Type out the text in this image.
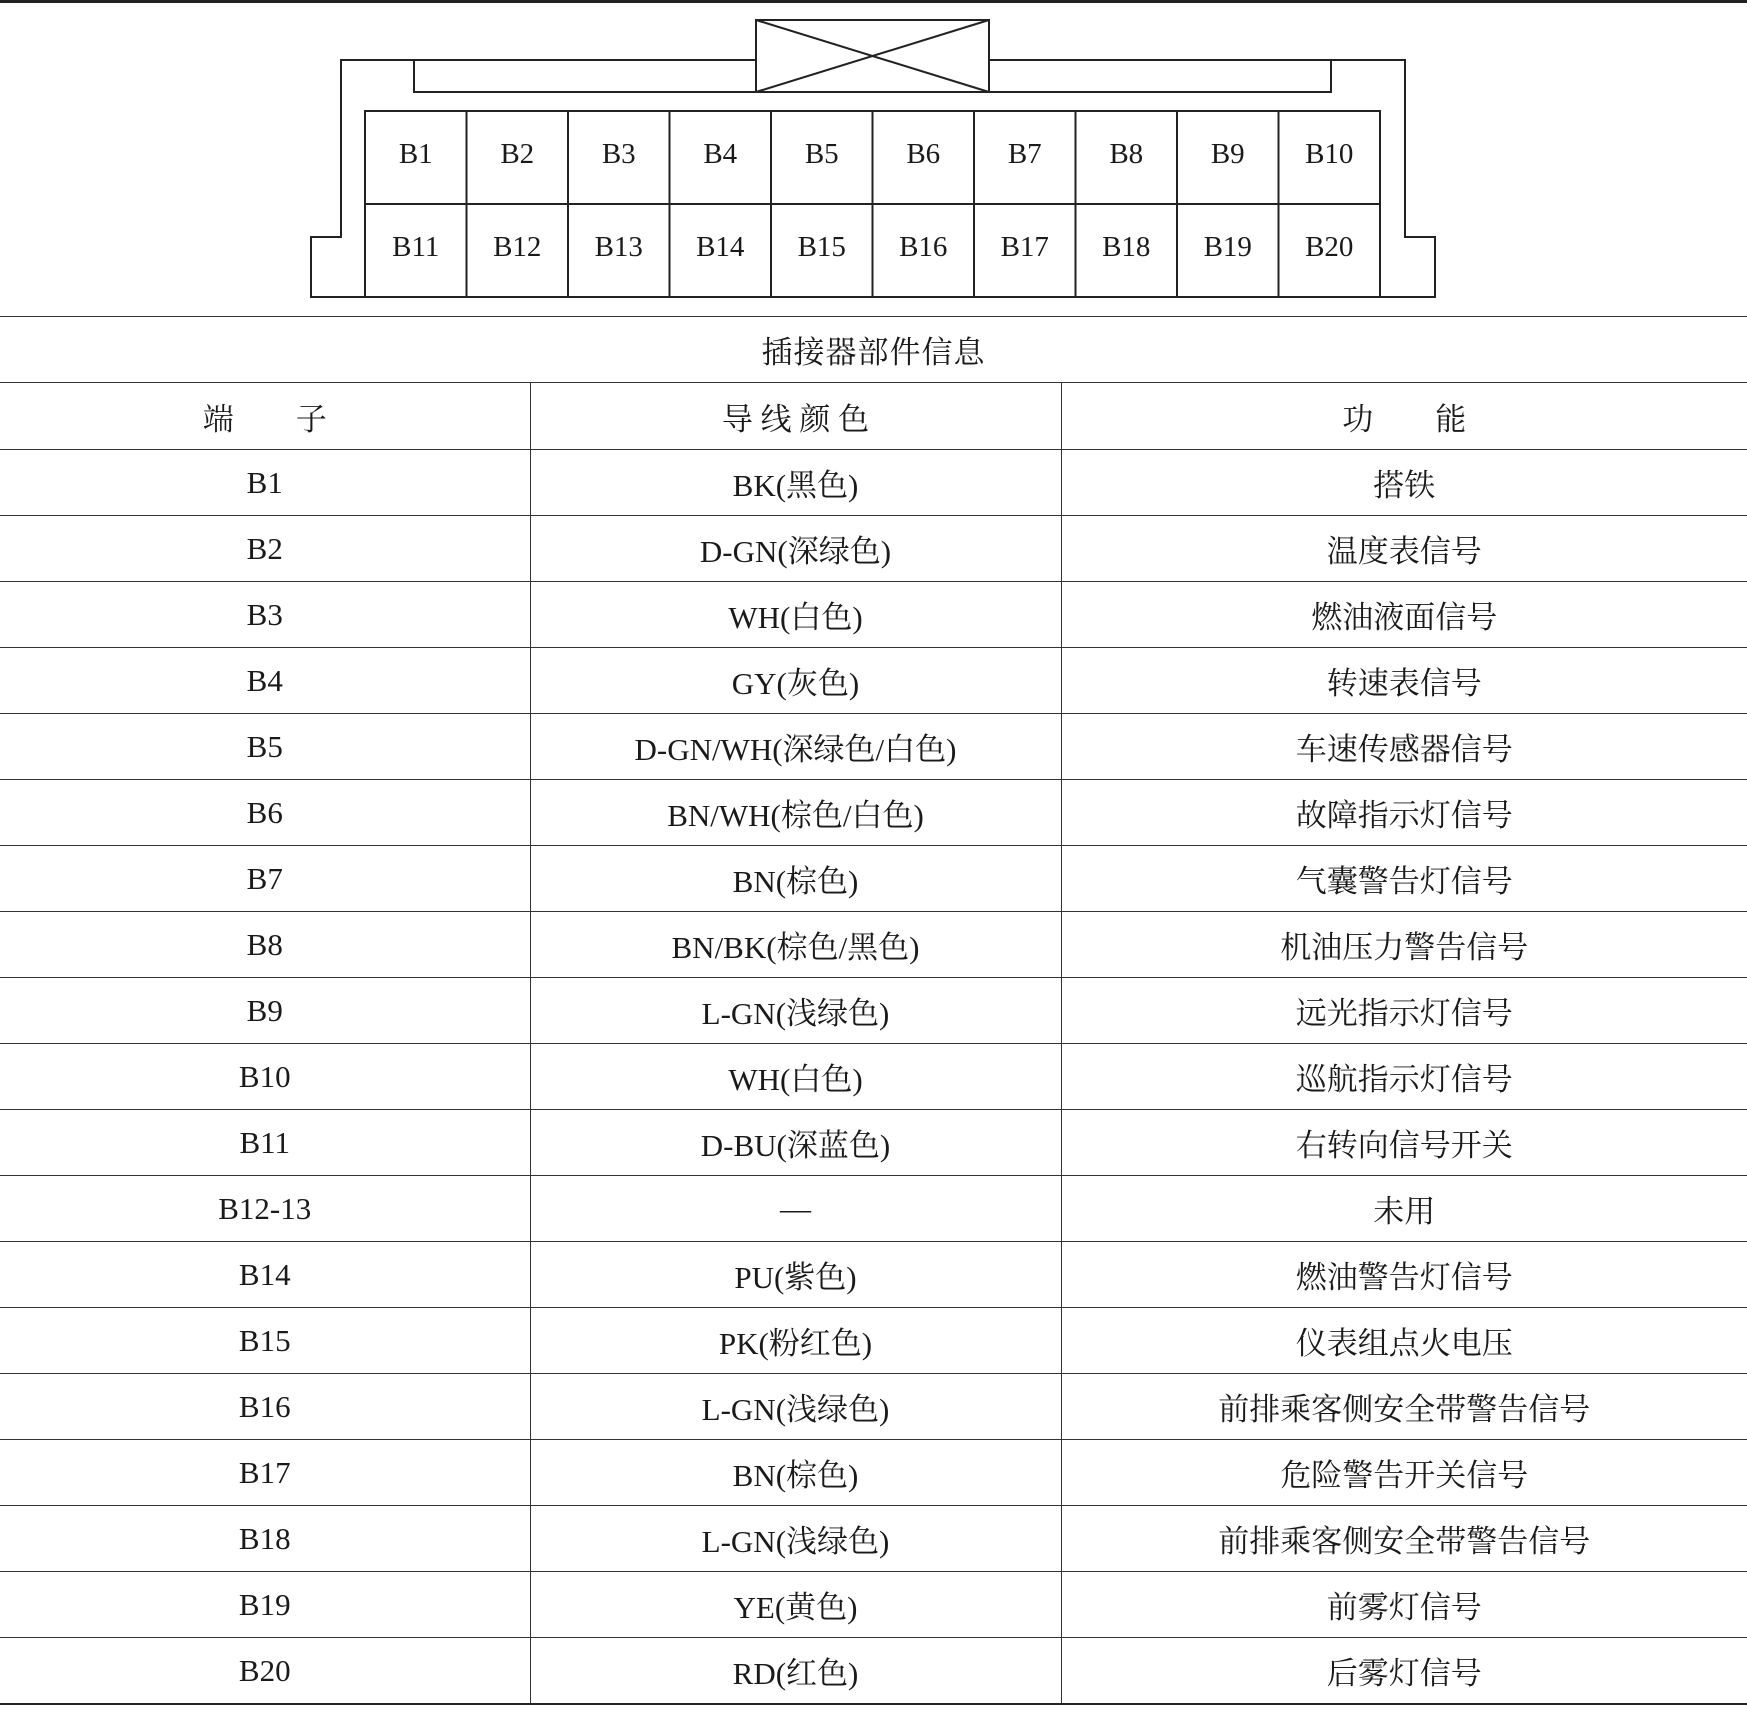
B1 B2 B3 B4 B5 B6 B7 B8 B9 B10
B11 B12 B13 B14 B15 B16 B17 B18 B19 B20
插接器部件信息		
端　　子	导 线 颜 色	功　　能
B1	BK(黑色)	搭铁
B2	D-GN(深绿色)	温度表信号
B3	WH(白色)	燃油液面信号
B4	GY(灰色)	转速表信号
B5	D-GN/WH(深绿色/白色)	车速传感器信号
B6	BN/WH(棕色/白色)	故障指示灯信号
B7	BN(棕色)	气囊警告灯信号
B8	BN/BK(棕色/黑色)	机油压力警告信号
B9	L-GN(浅绿色)	远光指示灯信号
B10	WH(白色)	巡航指示灯信号
B11	D-BU(深蓝色)	右转向信号开关
B12-13	—	未用
B14	PU(紫色)	燃油警告灯信号
B15	PK(粉红色)	仪表组点火电压
B16	L-GN(浅绿色)	前排乘客侧安全带警告信号
B17	BN(棕色)	危险警告开关信号
B18	L-GN(浅绿色)	前排乘客侧安全带警告信号
B19	YE(黄色)	前雾灯信号
B20	RD(红色)	后雾灯信号
